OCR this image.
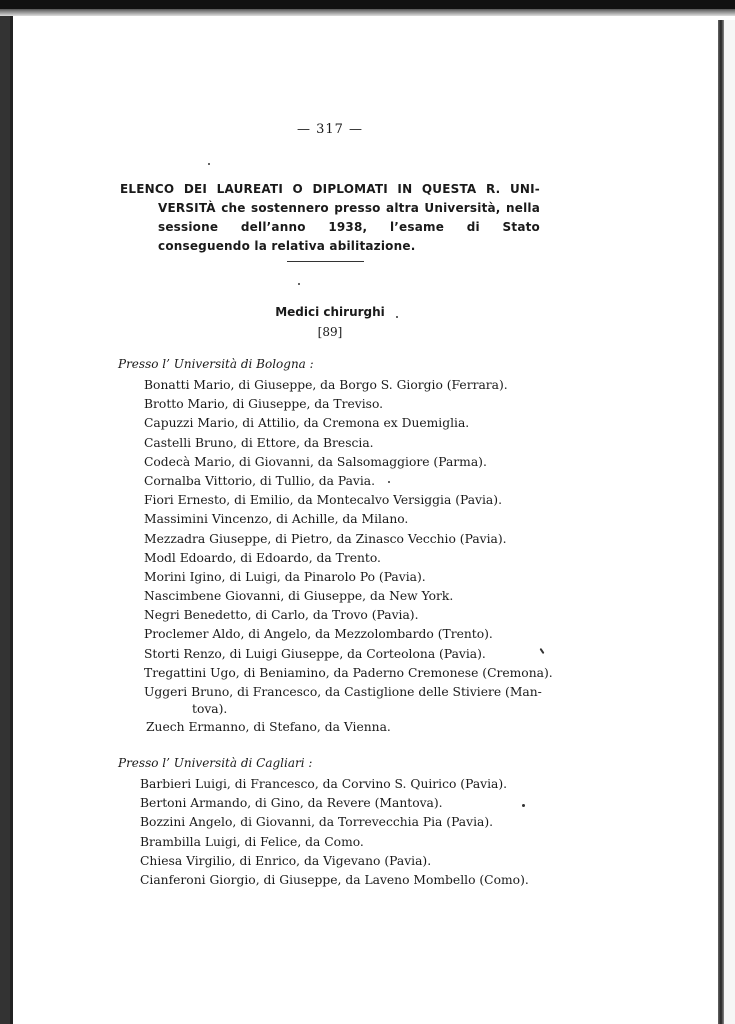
— 317 —
ELENCO DEI LAUREATI O DIPLOMATI IN QUESTA R. UNI-
VERSITÀ che sostennero presso altra Università, nella sessione dell’anno 1938, l’esame di Stato conseguendo la relativa abilitazione.
Medici chirurghi
[89]
Presso l’ Università di Bologna :
Bonatti Mario, di Giuseppe, da Borgo S. Giorgio (Ferrara).
Brotto Mario, di Giuseppe, da Treviso.
Capuzzi Mario, di Attilio, da Cremona ex Duemiglia.
Castelli Bruno, di Ettore, da Brescia.
Codecà Mario, di Giovanni, da Salsomaggiore (Parma).
Cornalba Vittorio, di Tullio, da Pavia.
Fiori Ernesto, di Emilio, da Montecalvo Versiggia (Pavia).
Massimini Vincenzo, di Achille, da Milano.
Mezzadra Giuseppe, di Pietro, da Zinasco Vecchio (Pavia).
Modl Edoardo, di Edoardo, da Trento.
Morini Igino, di Luigi, da Pinarolo Po (Pavia).
Nascimbene Giovanni, di Giuseppe, da New York.
Negri Benedetto, di Carlo, da Trovo (Pavia).
Proclemer Aldo, di Angelo, da Mezzolombardo (Trento).
Storti Renzo, di Luigi Giuseppe, da Corteolona (Pavia).
Tregattini Ugo, di Beniamino, da Paderno Cremonese (Cremona).
Uggeri Bruno, di Francesco, da Castiglione delle Stiviere (Man-
tova).
Zuech Ermanno, di Stefano, da Vienna.
Presso l’ Università di Cagliari :
Barbieri Luigi, di Francesco, da Corvino S. Quirico (Pavia).
Bertoni Armando, di Gino, da Revere (Mantova).
Bozzini Angelo, di Giovanni, da Torrevecchia Pia (Pavia).
Brambilla Luigi, di Felice, da Como.
Chiesa Virgilio, di Enrico, da Vigevano (Pavia).
Cianferoni Giorgio, di Giuseppe, da Laveno Mombello (Como).
